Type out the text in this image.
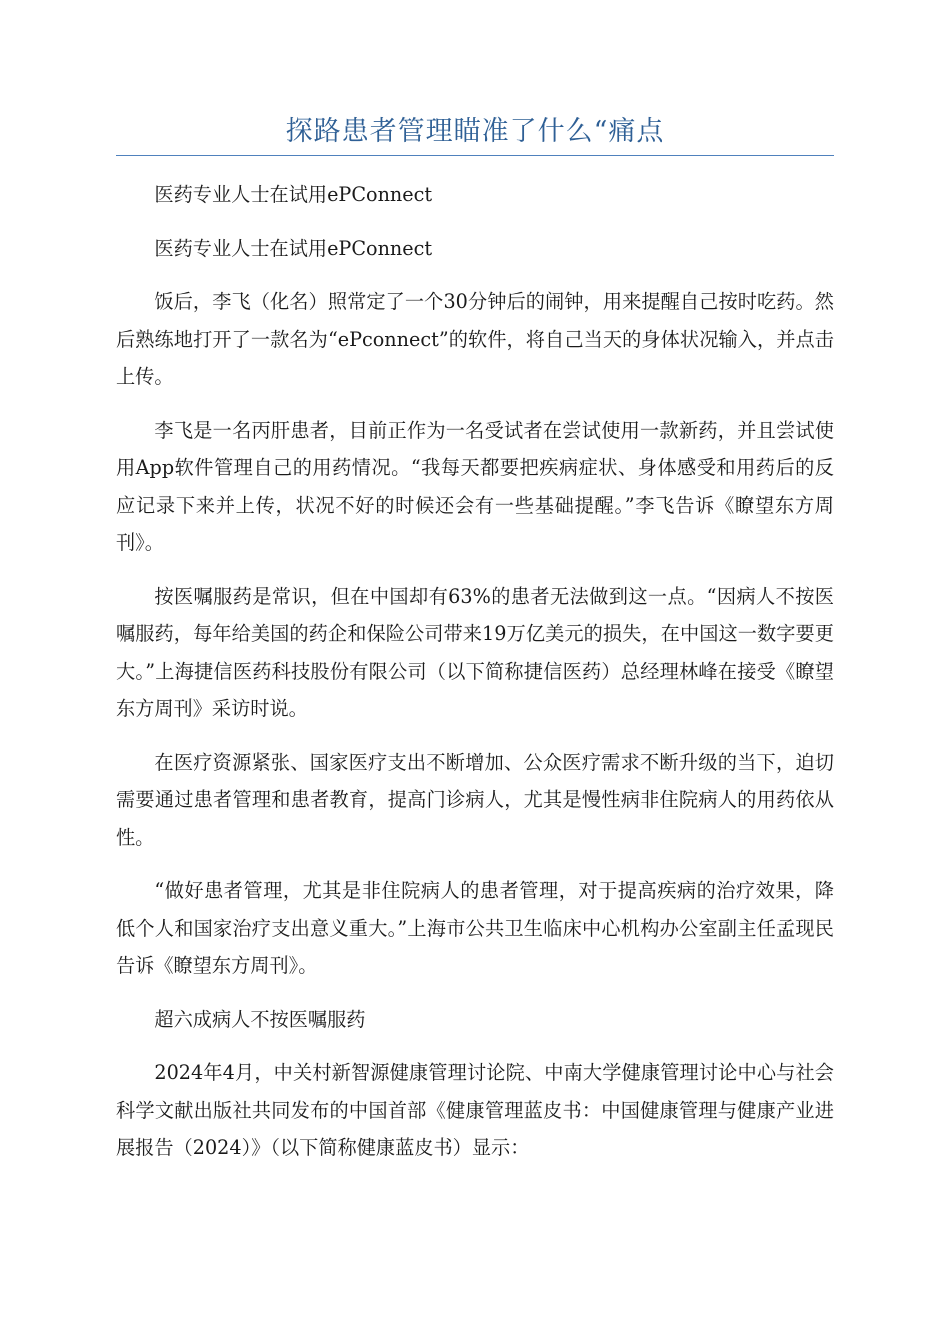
探路患者管理瞄准了什么“痛点

医药专业人士在试用ePConnect

医药专业人士在试用ePConnect

饭后，李飞（化名）照常定了一个30分钟后的闹钟，用来提醒自己按时吃药。然后熟练地打开了一款名为“ePconnect”的软件，将自己当天的身体状况输入，并点击上传。

李飞是一名丙肝患者，目前正作为一名受试者在尝试使用一款新药，并且尝试使用App软件管理自己的用药情况。“我每天都要把疾病症状、身体感受和用药后的反应记录下来并上传，状况不好的时候还会有一些基础提醒。”李飞告诉《瞭望东方周刊》。

按医嘱服药是常识，但在中国却有63%的患者无法做到这一点。“因病人不按医嘱服药，每年给美国的药企和保险公司带来19万亿美元的损失，在中国这一数字要更大。”上海捷信医药科技股份有限公司（以下简称捷信医药）总经理林峰在接受《瞭望东方周刊》采访时说。

在医疗资源紧张、国家医疗支出不断增加、公众医疗需求不断升级的当下，迫切需要通过患者管理和患者教育，提高门诊病人，尤其是慢性病非住院病人的用药依从性。

“做好患者管理，尤其是非住院病人的患者管理，对于提高疾病的治疗效果，降低个人和国家治疗支出意义重大。”上海市公共卫生临床中心机构办公室副主任孟现民告诉《瞭望东方周刊》。

超六成病人不按医嘱服药

2024年4月，中关村新智源健康管理讨论院、中南大学健康管理讨论中心与社会科学文献出版社共同发布的中国首部《健康管理蓝皮书：中国健康管理与健康产业进展报告（2024）》（以下简称健康蓝皮书）显示：
